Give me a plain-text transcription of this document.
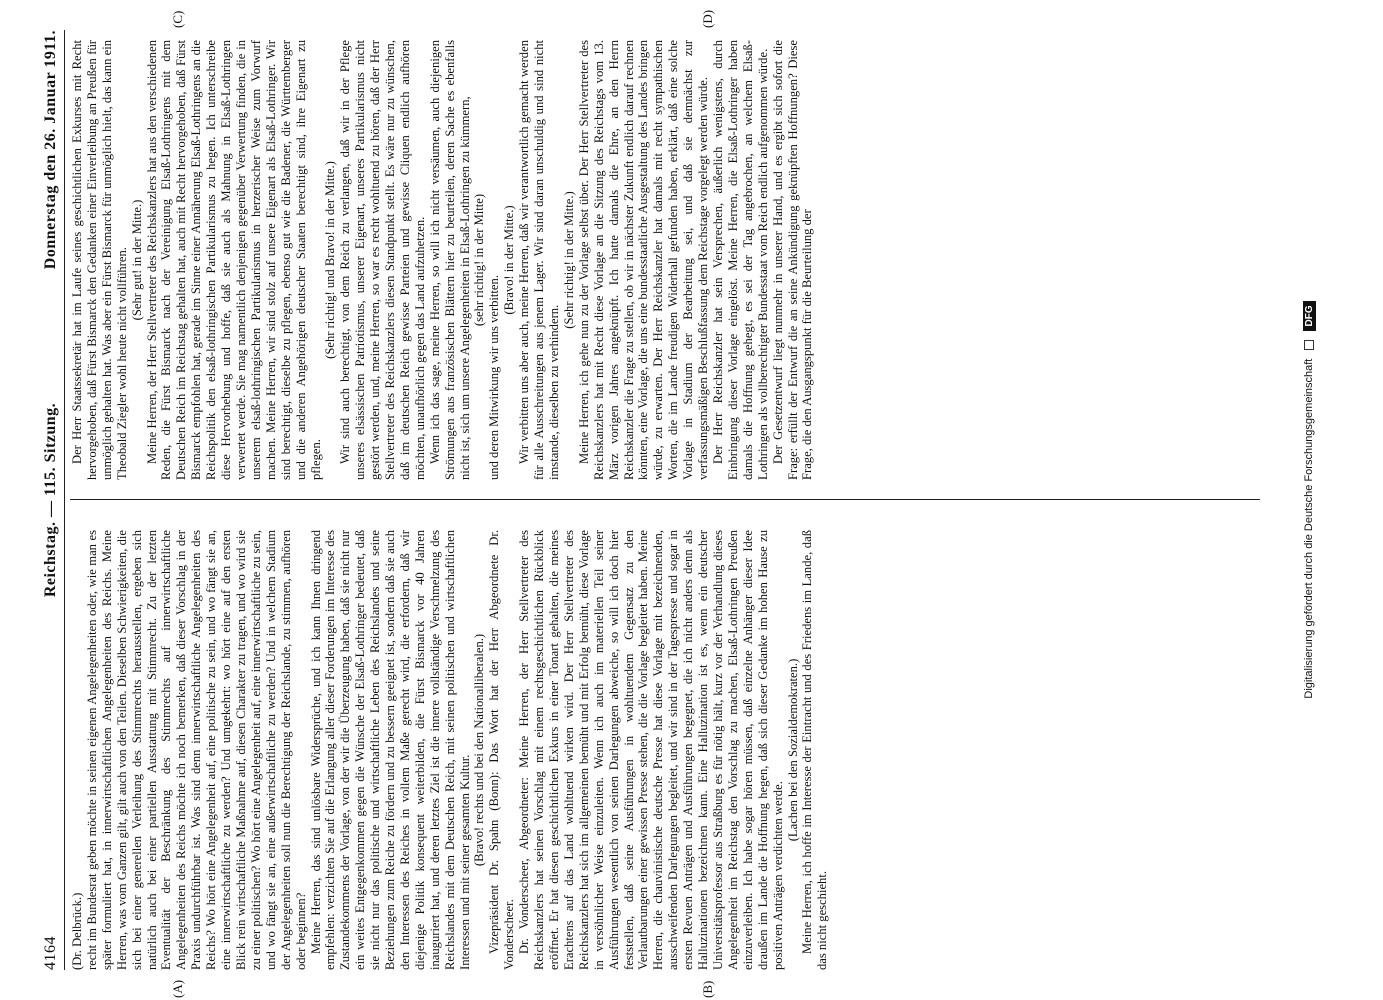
4164
Reichstag. — 115. Sitzung.
Donnerstag den 26. Januar 1911.
(A)	(B)
(C)	(D)

(Dr. Delbrück.) recht im Bundesrat geben möchte in seinen eigenen Angelegenheiten oder, wie man es später formuliert hat, in innerwirtschaftlichen Angelegenheiten des Reichs. Meine Herren, was vom Ganzen gilt, gilt auch von den Teilen. Dieselben Schwierigkeiten, die sich bei einer generellen Verleihung des Stimmrechts herausstellen, ergeben sich natürlich auch bei einer partiellen Ausstattung mit Stimmrecht. Zu der letzten Eventualität der Beschränkung des Stimmrechts auf innerwirtschaftliche Angelegenheiten des Reichs möchte ich noch bemerken, daß dieser Vorschlag in der Praxis undurchführbar ist. Was sind denn innerwirtschaftliche Angelegenheiten des Reichs? Wo hört eine Angelegenheit auf, eine politische zu sein, und wo fängt sie an, eine innerwirtschaftliche zu werden? Und umgekehrt: wo hört eine auf den ersten Blick rein wirtschaftliche Maßnahme auf, diesen Charakter zu tragen, und wo wird sie zu einer politischen? Wo hört eine Angelegenheit auf, eine innerwirtschaftliche zu sein, und wo fängt sie an, eine außerwirtschaftliche zu werden? Und in welchem Stadium der Angelegenheiten soll nun die Berechtigung der Reichslande, zu stimmen, aufhören oder beginnen? Meine Herren, das sind unlösbare Widersprüche, und ich kann Ihnen dringend empfehlen: verzichten Sie auf die Erlangung aller dieser Forderungen im Interesse des Zustandekommens der Vorlage, von der wir die Überzeugung haben, daß sie nicht nur ein weites Entgegenkommen gegen die Wünsche der Elsaß-Lothringer bedeutet, daß sie nicht nur das politische und wirtschaftliche Leben des Reichslandes und seine Beziehungen zum Reiche zu fördern und zu bessern geeignet ist, sondern daß sie auch den Interessen des Reiches in vollem Maße gerecht wird, die erfordern, daß wir diejenige Politik konsequent weiterbilden, die Fürst Bismarck vor 40 Jahren inauguriert hat, und deren letztes Ziel ist die innere vollständige Verschmelzung des Reichslandes mit dem Deutschen Reich, mit seinen politischen und wirtschaftlichen Interessen und mit seiner gesamten Kultur. (Bravo! rechts und bei den Nationalliberalen.) Vizepräsident Dr. Spahn (Bonn): Das Wort hat der Herr Abgeordnete Dr. Vonderscheer. Dr. Vonderscheer, Abgeordneter: Meine Herren, der Herr Stellvertreter des Reichskanzlers hat seinen Vorschlag mit einem rechtsgeschichtlichen Rückblick eröffnet. Er hat diesen geschichtlichen Exkurs in einer Tonart gehalten, die meines Erachtens auf das Land wohltuend wirken wird. Der Herr Stellvertreter des Reichskanzlers hat sich im allgemeinen bemüht und mit Erfolg bemüht, diese Vorlage in versöhnlicher Weise einzuleiten. Wenn ich auch im materiellen Teil seiner Ausführungen wesentlich von seinen Darlegungen abweiche, so will ich doch hier feststellen, daß seine Ausführungen in wohltuendem Gegensatz zu den Verlautbarungen einer gewissen Presse stehen, die die Vorlage begleitet haben. Meine Herren, die chauvinistische deutsche Presse hat diese Vorlage mit bezeichnenden, ausschweifenden Darlegungen begleitet, und wir sind in der Tagespresse und sogar in ersten Revuen Anträgen und Ausführungen begegnet, die ich nicht anders denn als Halluzinationen bezeichnen kann. Eine Halluzination ist es, wenn ein deutscher Universitätsprofessor aus Straßburg es für nötig hält, kurz vor der Verhandlung dieses Angelegenheit im Reichstag den Vorschlag zu machen, Elsaß-Lothringen Preußen einzuverleiben. Ich habe sogar hören müssen, daß einzelne Anhänger dieser Idee draußen im Lande die Hoffnung hegen, daß sich dieser Gedanke im hohen Hause zu positiven Anträgen verdichten werde.

(Lachen bei den Sozialdemokraten.) Meine Herren, ich hoffe im Interesse der Eintracht und des Friedens im Lande, daß das nicht geschieht.

Der Herr Staatssekretär hat im Laufe seines geschichtlichen Exkurses mit Recht hervorgehoben, daß Fürst Bismarck den Gedanken einer Einverleibung an Preußen für unmöglich gehalten hat. Was aber ein Fürst Bismarck für unmöglich hielt, das kann ein Theobald Ziegler wohl heute nicht vollführen. (Sehr gut! in der Mitte.) Meine Herren, der Herr Stellvertreter des Reichskanzlers hat aus den verschiedenen Reden, die Fürst Bismarck nach der Vereinigung Elsaß-Lothringens mit dem Deutschen Reich im Reichstag gehalten hat, auch mit Recht hervorgehoben, daß Fürst Bismarck empfohlen hat, gerade im Sinne einer Annäherung Elsaß-Lothringens an die Reichspolitik den elsaß-lothringischen Partikularismus zu hegen. Ich unterschreibe diese Hervorhebung und hoffe, daß sie auch als Mahnung in Elsaß-Lothringen verwertet werde. Sie mag namentlich denjenigen gegenüber Verwertung finden, die in unserem elsaß-lothringischen Partikularismus in herzerischer Weise zum Vorwurf machen. Meine Herren, wir sind stolz auf unsere Eigenart als Elsaß-Lothringer. Wir sind berechtigt, dieselbe zu pflegen, ebenso gut wie die Badener, die Württemberger und die anderen Angehörigen deutscher Staaten berechtigt sind, ihre Eigenart zu pflegen.

(Sehr richtig! und Bravo! in der Mitte.) Wir sind auch berechtigt, von dem Reich zu verlangen, daß wir in der Pflege unseres elsässischen Patriotismus, unserer Eigenart, unseres Partikularismus nicht gestört werden, und, meine Herren, so war es recht wohltuend zu hören, daß der Herr Stellvertreter des Reichskanzlers diesen Standpunkt stellt. Es wäre nur zu wünschen, daß im deutschen Reich gewisse Parteien und gewisse Cliquen endlich aufhören möchten, unaufhörlich gegen das Land aufzuhetzen. Wenn ich das sage, meine Herren, so will ich nicht versäumen, auch diejenigen Strömungen aus französischen Blättern hier zu beurteilen, deren Sache es ebenfalls nicht ist, sich um unsere Angelegenheiten in Elsaß-Lothringen zu kümmern, (sehr richtig! in der Mitte)

und deren Mitwirkung wir uns verbitten.

(Bravo! in der Mitte.) Wir verbitten uns aber auch, meine Herren, daß wir verantwortlich gemacht werden für alle Ausschreitungen aus jenem Lager. Wir sind daran unschuldig und sind nicht imstande, dieselben zu verhindern.

(Sehr richtig! in der Mitte.) Meine Herren, ich gehe nun zu der Vorlage selbst über. Der Herr Stellvertreter des Reichskanzlers hat mit Recht diese Vorlage an die Sitzung des Reichstags vom 13. März vorigen Jahres angeknüpft. Ich hatte damals die Ehre, an den Herrn Reichskanzler die Frage zu stellen, ob wir in nächster Zukunft endlich darauf rechnen könnten, eine Vorlage, die uns eine bundesstaatliche Ausgestaltung des Landes bringen würde, zu erwarten. Der Herr Reichskanzler hat damals mit recht sympathischen Worten, die im Lande freudigen Widerhall gefunden haben, erklärt, daß eine solche Vorlage in Stadium der Bearbeitung sei, und daß sie demnächst zur verfassungsmäßigen Beschlußfassung dem Reichstage vorgelegt werden würde. Der Herr Reichskanzler hat sein Versprechen, äußerlich wenigstens, durch Einbringung dieser Vorlage eingelöst. Meine Herren, die Elsaß-Lothringer haben damals die Hoffnung gehegt, es sei der Tag angebrochen, an welchem Elsaß-Lothringen als vollberechtigter Bundesstaat vom Reich endlich aufgenommen würde. Der Gesetzentwurf liegt nunmehr in unserer Hand, und es ergibt sich sofort die Frage: erfüllt der Entwurf die an seine Ankündigung geknüpften Hoffnungen? Diese Frage, die den Ausgangspunkt für die Beurteilung der

Digitalisierung gefördert durch die Deutsche Forschungsgemeinschaft  DFG
